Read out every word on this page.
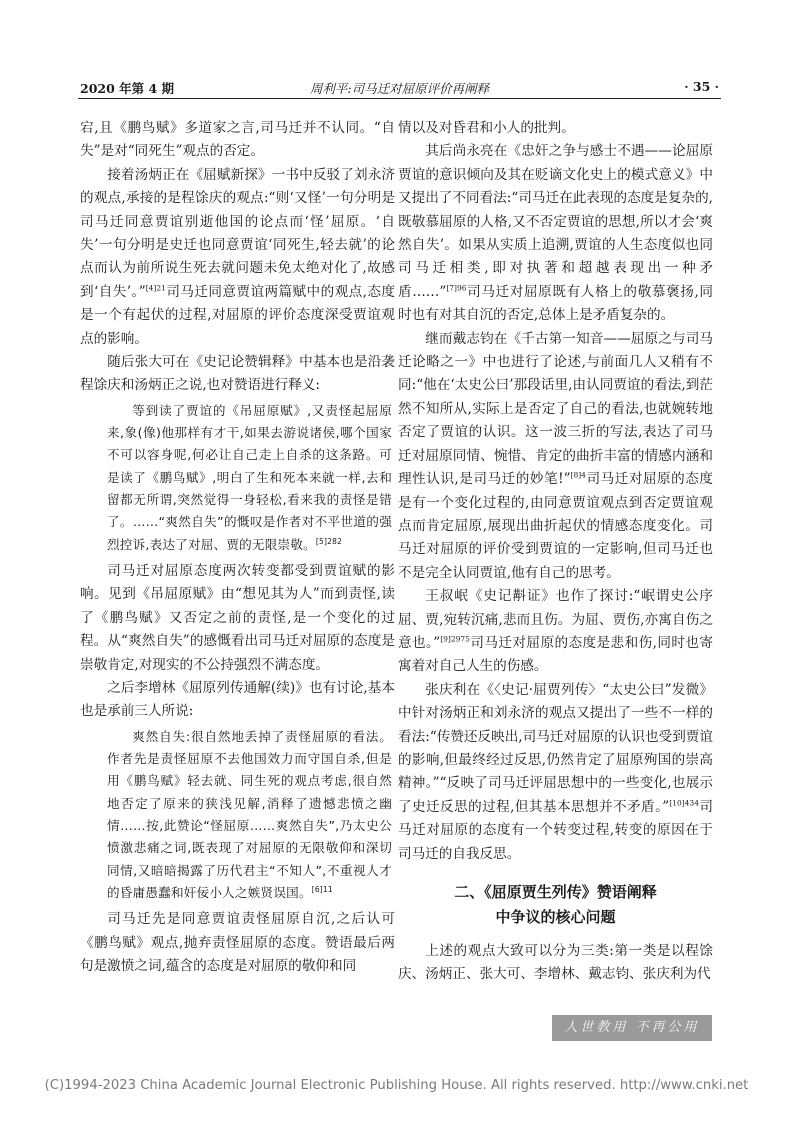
2020 年第 4 期	周利平:司马迁对屈原评价再阐释	· 35 ·

宕,且《鹏鸟赋》多道家之言,司马迁并不认同。“自失”是对“同死生”观点的否定。

接着汤炳正在《屈赋新探》一书中反驳了刘永济的观点,承接的是程馀庆的观点:“则‘又怪’一句分明是司马迁同意贾谊别逝他国的论点而‘怪’屈原。‘自失’一句分明是史迁也同意贾谊‘同死生,轻去就’的论点而认为前所说生死去就问题未免太绝对化了,故感到‘自失’。”$^{[4]21}$司马迁同意贾谊两篇赋中的观点,态度是一个有起伏的过程,对屈原的评价态度深受贾谊观点的影响。

随后张大可在《史记论赞辑释》中基本也是沿袭程馀庆和汤炳正之说,也对赞语进行释义:

等到读了贾谊的《吊屈原赋》,又责怪起屈原来,象(像)他那样有才干,如果去游说诸侯,哪个国家不可以容身呢,何必让自己走上自杀的这条路。可是读了《鹏鸟赋》,明白了生和死本来就一样,去和留都无所谓,突然觉得一身轻松,看来我的责怪是错了。……“爽然自失”的慨叹是作者对不平世道的强烈控诉,表达了对屈、贾的无限崇敬。$^{[5]282}$

司马迁对屈原态度两次转变都受到贾谊赋的影响。见到《吊屈原赋》由“想见其为人”而到责怪,读了《鹏鸟赋》又否定之前的责怪,是一个变化的过程。从“爽然自失”的感慨看出司马迁对屈原的态度是崇敬肯定,对现实的不公持强烈不满态度。

之后李增林《屈原列传通解(续)》也有讨论,基本也是承前三人所说:

爽然自失:很自然地丢掉了责怪屈原的看法。作者先是责怪屈原不去他国效力而守国自杀,但是用《鹏鸟赋》轻去就、同生死的观点考虑,很自然地否定了原来的狭浅见解,消释了遗憾悲愤之幽情……按,此赞论“怪屈原……爽然自失”,乃太史公愤激悲痛之词,既表现了对屈原的无限敬仰和深切同情,又暗暗揭露了历代君主“不知人”,不重视人才的昏庸愚蠢和奸佞小人之嫉贤误国。$^{[6]11}$

司马迁先是同意贾谊责怪屈原自沉,之后认可《鹏鸟赋》观点,抛弃责怪屈原的态度。赞语最后两句是激愤之词,蕴含的态度是对屈原的敬仰和同

情以及对昏君和小人的批判。

其后尚永亮在《忠奸之争与感士不遇——论屈原贾谊的意识倾向及其在贬谪文化史上的模式意义》中又提出了不同看法:“司马迁在此表现的态度是复杂的,既敬慕屈原的人格,又不否定贾谊的思想,所以才会‘爽然自失’。如果从实质上追溯,贾谊的人生态度似也同司马迁相类,即对执著和超越表现出一种矛盾……”$^{[7]96}$司马迁对屈原既有人格上的敬慕褒扬,同时也有对其自沉的否定,总体上是矛盾复杂的。

继而戴志钧在《千古第一知音——屈原之与司马迁论略之一》中也进行了论述,与前面几人又稍有不同:“他在‘太史公曰’那段话里,由认同贾谊的看法,到茫然不知所从,实际上是否定了自己的看法,也就婉转地否定了贾谊的认识。这一波三折的写法,表达了司马迁对屈原同情、惋惜、肯定的曲折丰富的情感内涵和理性认识,是司马迁的妙笔!”$^{[8]4}$司马迁对屈原的态度是有一个变化过程的,由同意贾谊观点到否定贾谊观点而肯定屈原,展现出曲折起伏的情感态度变化。司马迁对屈原的评价受到贾谊的一定影响,但司马迁也不是完全认同贾谊,他有自己的思考。

王叔岷《史记斠证》也作了探讨:“岷谓史公序屈、贾,宛转沉痛,悲而且伤。为屈、贾伤,亦寓自伤之意也。”$^{[9]2975}$司马迁对屈原的态度是悲和伤,同时也寄寓着对自己人生的伤感。

张庆利在《〈史记·屈贾列传〉“太史公曰”发微》中针对汤炳正和刘永济的观点又提出了一些不一样的看法:“传赞还反映出,司马迁对屈原的认识也受到贾谊的影响,但最终经过反思,仍然肯定了屈原殉国的崇高精神。”“反映了司马迁评屈思想中的一些变化,也展示了史迁反思的过程,但其基本思想并不矛盾。”$^{[10]434}$司马迁对屈原的态度有一个转变过程,转变的原因在于司马迁的自我反思。

二、《屈原贾生列传》赞语阐释
中争议的核心问题

上述的观点大致可以分为三类:第一类是以程馀庆、汤炳正、张大可、李增林、戴志钧、张庆利为代

人世教用 不再公用
(C)1994-2023 China Academic Journal Electronic Publishing House. All rights reserved. http://www.cnki.net
